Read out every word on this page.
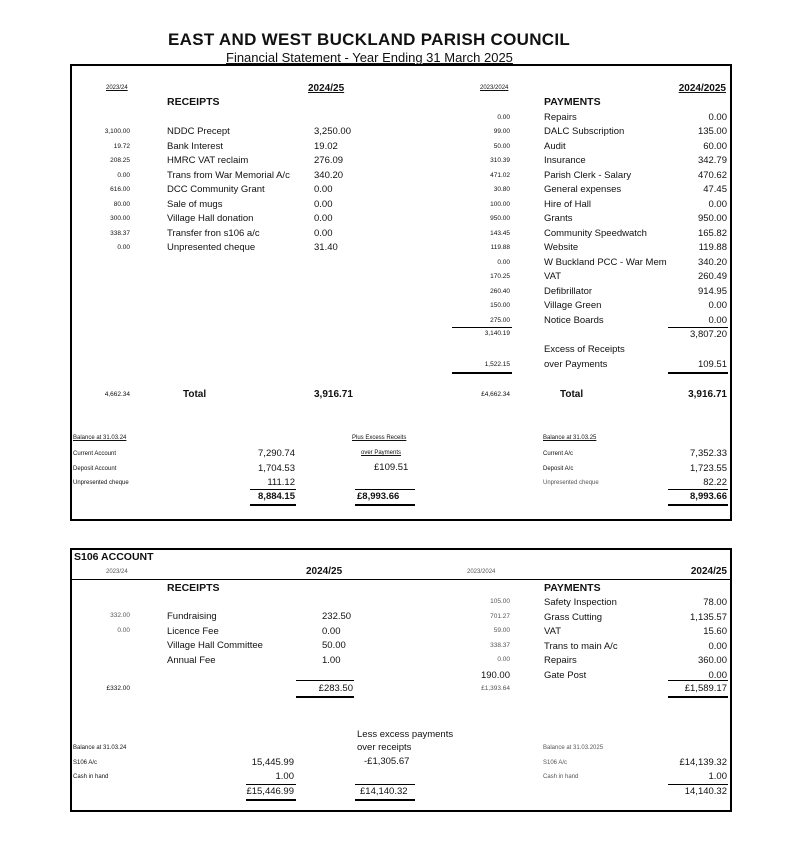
EAST AND WEST BUCKLAND PARISH COUNCIL
Financial Statement - Year Ending 31 March 2025
2023/24	2024/25
RECEIPTS
3,100.00	NDDC Precept	3,250.00
19.72	Bank Interest	19.02
208.25	HMRC VAT reclaim	276.09
0.00	Trans from War Memorial A/c	340.20
616.00	DCC Community Grant	0.00
80.00	Sale of mugs	0.00
300.00	Village Hall donation	0.00
338.37	Transfer fron s106 a/c	0.00
0.00	Unpresented cheque	31.40
4,662.34	Total	3,916.71
2023/2024	2024/2025
PAYMENTS
0.00	Repairs	0.00
99.00	DALC Subscription	135.00
50.00	Audit	60.00
310.39	Insurance	342.79
471.02	Parish Clerk - Salary	470.62
30.80	General expenses	47.45
100.00	Hire of Hall	0.00
950.00	Grants	950.00
143.45	Community Speedwatch	165.82
119.88	Website	119.88
0.00	W Buckland PCC - War Mem	340.20
170.25	VAT	260.49
260.40	Defibrillator	914.95
150.00	Village Green	0.00
275.00	Notice Boards	0.00
3,140.19	3,807.20
Excess of Receipts
over Payments
1,522.15	109.51
£4,662.34	Total	3,916.71
Balance at 31.03.24
Current Account	7,290.74
Deposit Account	1,704.53
Unpresented cheque	111.12
8,884.15
Plus Excess Receits
over Payments
£109.51
£8,993.66
Balance at 31.03.25
Current A/c	7,352.33
Deposit A/c	1,723.55
Unpresented cheque	82.22
8,993.66
S106 ACCOUNT
2023/24	2024/25	2023/2024	2024/25
RECEIPTS	PAYMENTS
332.00	Fundraising	232.50
0.00	Licence Fee	0.00
Village Hall Committee	50.00
Annual Fee	1.00
105.00	Safety Inspection	78.00
701.27	Grass Cutting	1,135.57
59.00	VAT	15.60
338.37	Trans to main A/c	0.00
0.00	Repairs	360.00
190.00	Gate Post	0.00
£332.00	£283.50	£1,393.64	£1,589.17
Balance at 31.03.24
S106 A/c	15,445.99
Cash in hand	1.00
£15,446.99
Less excess payments
over receipts
-£1,305.67
£14,140.32
Balance at 31.03.2025
S106 A/c	£14,139.32
Cash in hand	1.00
14,140.32
